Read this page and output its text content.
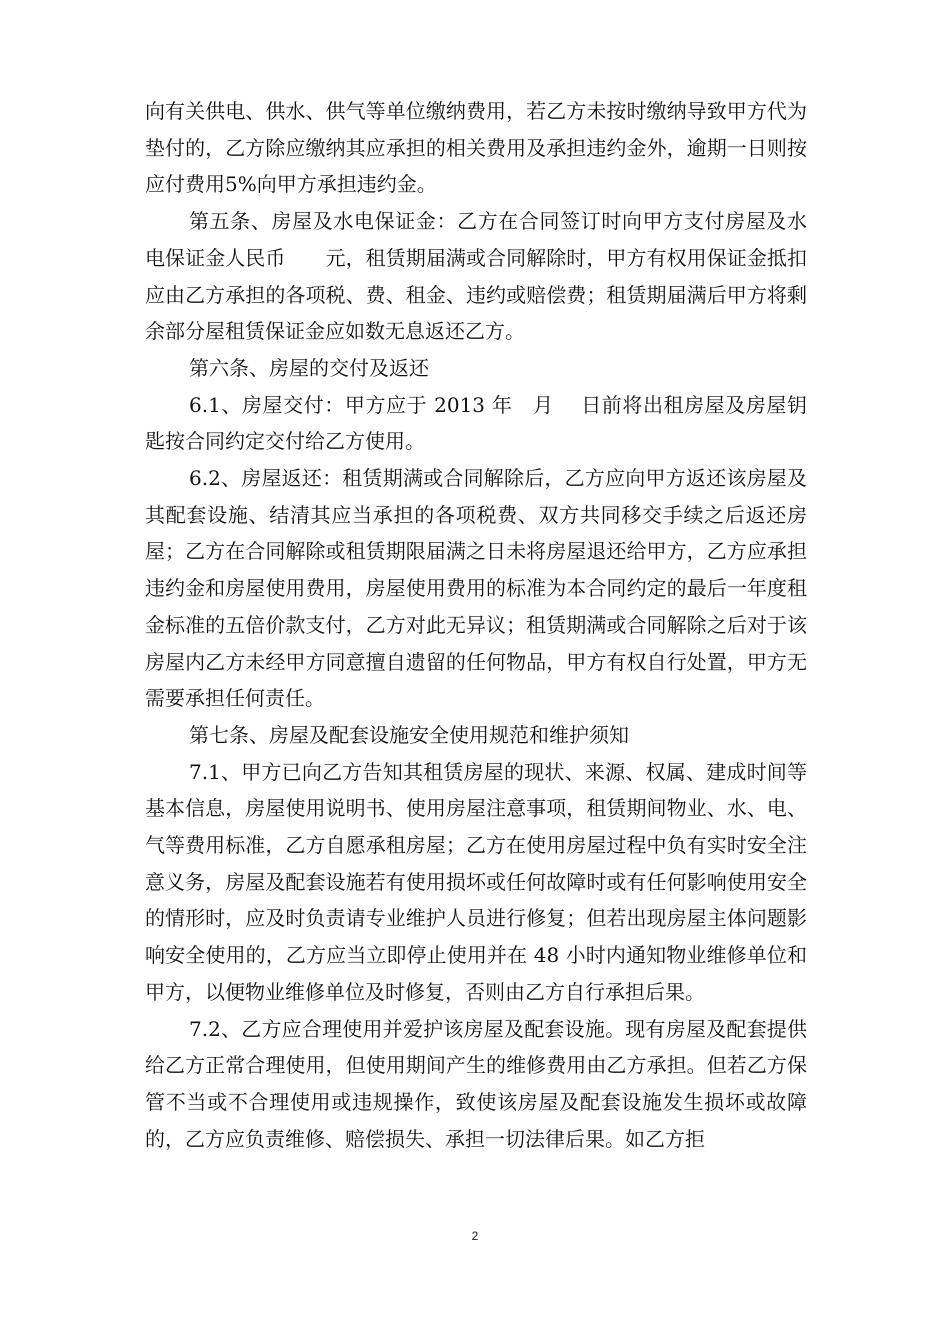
向有关供电、供水、供气等单位缴纳费用，若乙方未按时缴纳导致甲方代为垫付的，乙方除应缴纳其应承担的相关费用及承担违约金外，逾期一日则按应付费用5%向甲方承担违约金。

第五条、房屋及水电保证金：乙方在合同签订时向甲方支付房屋及水电保证金人民币　　元，租赁期届满或合同解除时，甲方有权用保证金抵扣应由乙方承担的各项税、费、租金、违约或赔偿费；租赁期届满后甲方将剩余部分屋租赁保证金应如数无息返还乙方。

第六条、房屋的交付及返还

6.1、房屋交付：甲方应于 2013 年　月　 日前将出租房屋及房屋钥匙按合同约定交付给乙方使用。

6.2、房屋返还：租赁期满或合同解除后，乙方应向甲方返还该房屋及其配套设施、结清其应当承担的各项税费、双方共同移交手续之后返还房屋；乙方在合同解除或租赁期限届满之日未将房屋退还给甲方，乙方应承担违约金和房屋使用费用，房屋使用费用的标准为本合同约定的最后一年度租金标准的五倍价款支付，乙方对此无异议；租赁期满或合同解除之后对于该房屋内乙方未经甲方同意擅自遗留的任何物品，甲方有权自行处置，甲方无需要承担任何责任。

第七条、房屋及配套设施安全使用规范和维护须知

7.1、甲方已向乙方告知其租赁房屋的现状、来源、权属、建成时间等基本信息，房屋使用说明书、使用房屋注意事项，租赁期间物业、水、电、气等费用标准，乙方自愿承租房屋；乙方在使用房屋过程中负有实时安全注意义务，房屋及配套设施若有使用损坏或任何故障时或有任何影响使用安全的情形时，应及时负责请专业维护人员进行修复；但若出现房屋主体问题影响安全使用的，乙方应当立即停止使用并在 48 小时内通知物业维修单位和甲方，以便物业维修单位及时修复，否则由乙方自行承担后果。

7.2、乙方应合理使用并爱护该房屋及配套设施。现有房屋及配套提供给乙方正常合理使用，但使用期间产生的维修费用由乙方承担。但若乙方保管不当或不合理使用或违规操作，致使该房屋及配套设施发生损坏或故障的，乙方应负责维修、赔偿损失、承担一切法律后果。如乙方拒

2
